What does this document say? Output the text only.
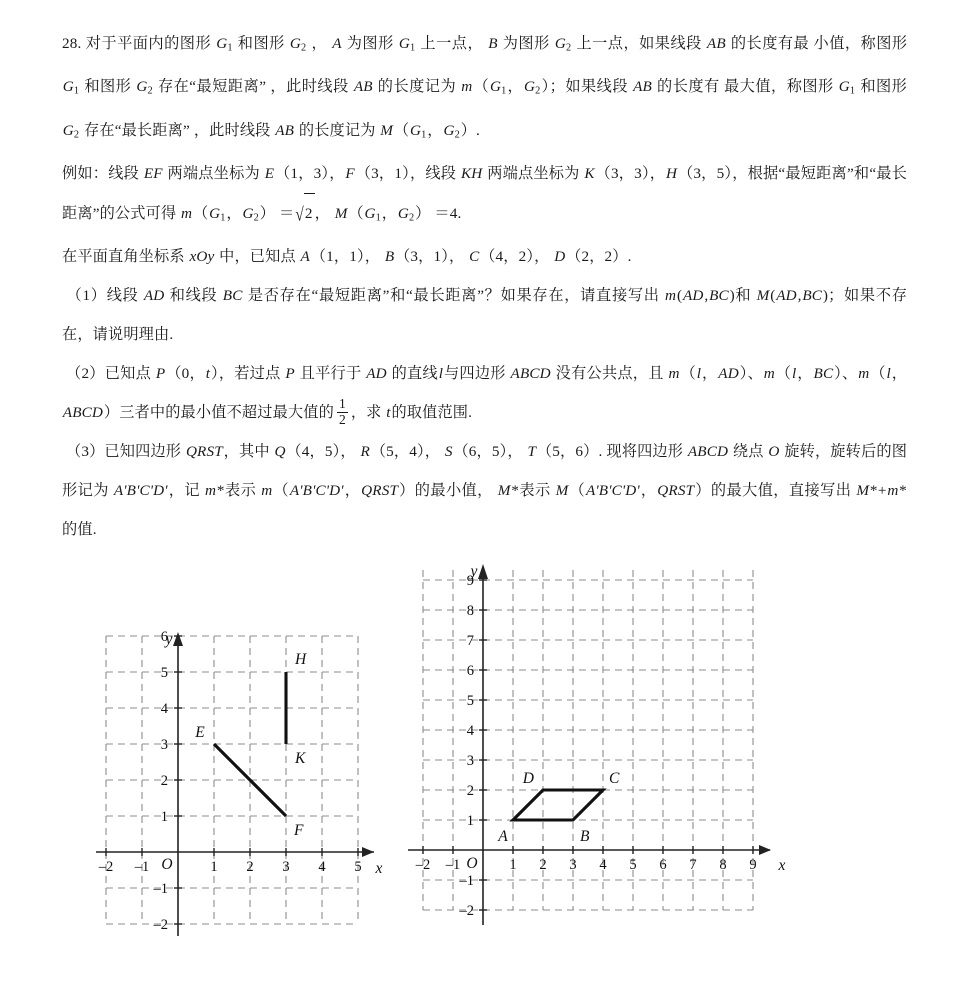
28. 对于平面内的图形 $G_1$ 和图形 $G_2$ ， A 为图形 $G_1$ 上一点， B 为图形 $G_2$ 上一点，如果线段 AB 的长度有最 小值，称图形 $G_1$ 和图形 $G_2$ 存在“最短距离” ，此时线段 AB 的长度记为 $m(G_1$，$G_2$）；如果线段 AB 的长度有 最大值，称图形 $G_1$ 和图形 $G_2$ 存在“最长距离” ，此时线段 AB 的长度记为 $M(G_1$，$G_2$）.
例如：线段 EF 两端点坐标为 E（1，3），F（3，1），线段 KH 两端点坐标为 K（3，3），H（3，5），根据“最短距离”和“最长距离”的公式可得 $m(G_1$，$G_2) =√2$ ， $M(G_1$，$G_2) =4$.
在平面直角坐标系 xOy 中，已知点 A（1，1）， B（3，1）， C（4，2）， D（2，2）.
（1）线段 AD 和线段 BC 是否存在“最短距离”和“最长距离”？如果存在，请直接写出 m(AD,BC)和 M(AD,BC)；如果不存在，请说明理由.
（2）已知点 P（0，t），若过点 P 且平行于 AD 的直线l与四边形 ABCD 没有公共点，且 m（l，AD）、m（l，BC）、m（l，ABCD）三者中的最小值不超过最大值的 $\frac{1}{2}$ ，求 t的取值范围.
（3）已知四边形 QRST，其中 Q（4，5）， R（5，4）， S（6，5）， T（5，6）. 现将四边形 ABCD 绕点 O 旋转，旋转后的图形记为 A'B'C'D'，记 m*表示 m（A'B'C'D'，QRST）的最小值， M*表示 M（A'B'C'D'，QRST）的最大值，直接写出 M*+m*的值.
–2 –1	1 2 3 4 5
–2
–1
1
2
3
4
5
6
O	x
y
E
F
H
K
–2 –1	1 2 3 4 5 6 7 8 9
–2
–1
1
2
3
4
5
6
7
8
9
O	x
y
A	B
C
D
